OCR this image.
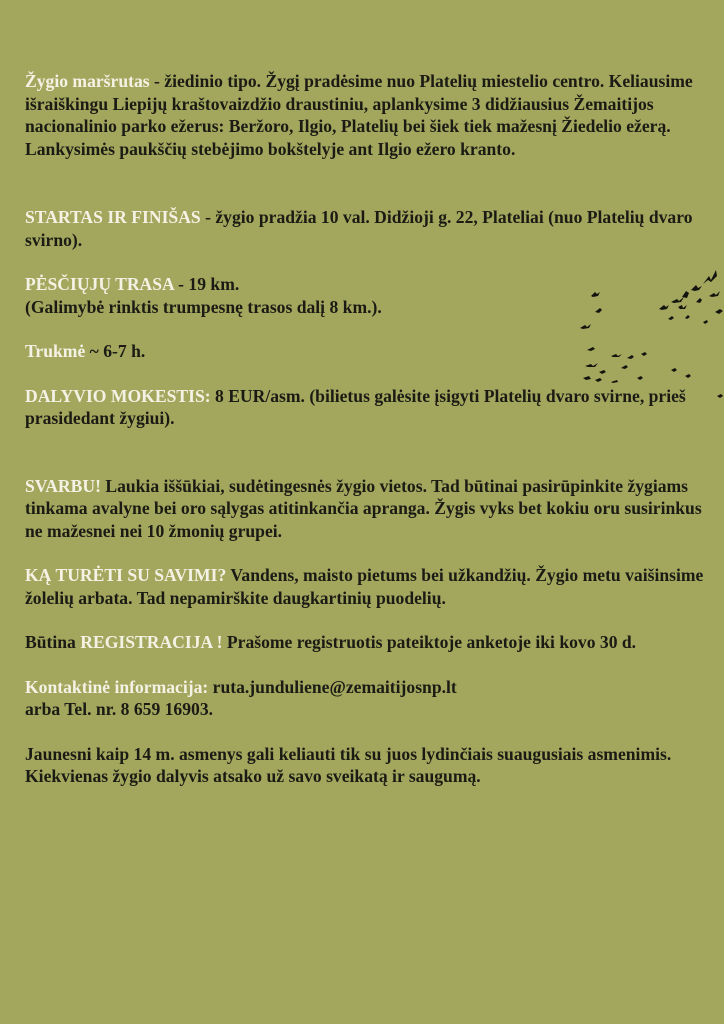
Žygio maršrutas - žiedinio tipo. Žygį pradėsime nuo Platelių miestelio centro. Keliausime išraiškingu Liepijų kraštovaizdžio draustiniu, aplankysime 3 didžiausius Žemaitijos nacionalinio parko ežerus: Beržoro, Ilgio, Platelių bei šiek tiek mažesnį Žiedelio ežerą. Lankysimės paukščių stebėjimo bokštelyje ant Ilgio ežero kranto.

STARTAS IR FINIŠAS - žygio pradžia 10 val. Didžioji g. 22, Plateliai (nuo Platelių dvaro svirno).

PĖSČIŲJŲ TRASA - 19 km.
(Galimybė rinktis trumpesnę trasos dalį 8 km.).

Trukmė ~ 6-7 h.

DALYVIO MOKESTIS: 8 EUR/asm. (bilietus galėsite įsigyti Platelių dvaro svirne, prieš prasidedant žygiui).

SVARBU! Laukia iššūkiai, sudėtingesnės žygio vietos. Tad būtinai pasirūpinkite žygiams tinkama avalyne bei oro sąlygas atitinkančia apranga. Žygis vyks bet kokiu oru susirinkus ne mažesnei nei 10 žmonių grupei.

KĄ TURĖTI SU SAVIMI? Vandens, maisto pietums bei užkandžių. Žygio metu vaišinsime žolelių arbata. Tad nepamirškite daugkartinių puodelių.

Būtina REGISTRACIJA ! Prašome registruotis pateiktoje anketoje iki kovo 30 d.

Kontaktinė informacija: ruta.junduliene@zemaitijosnp.lt
arba Tel. nr. 8 659 16903.

Jaunesni kaip 14 m. asmenys gali keliauti tik su juos lydinčiais suaugusiais asmenimis. Kiekvienas žygio dalyvis atsako už savo sveikatą ir saugumą.
